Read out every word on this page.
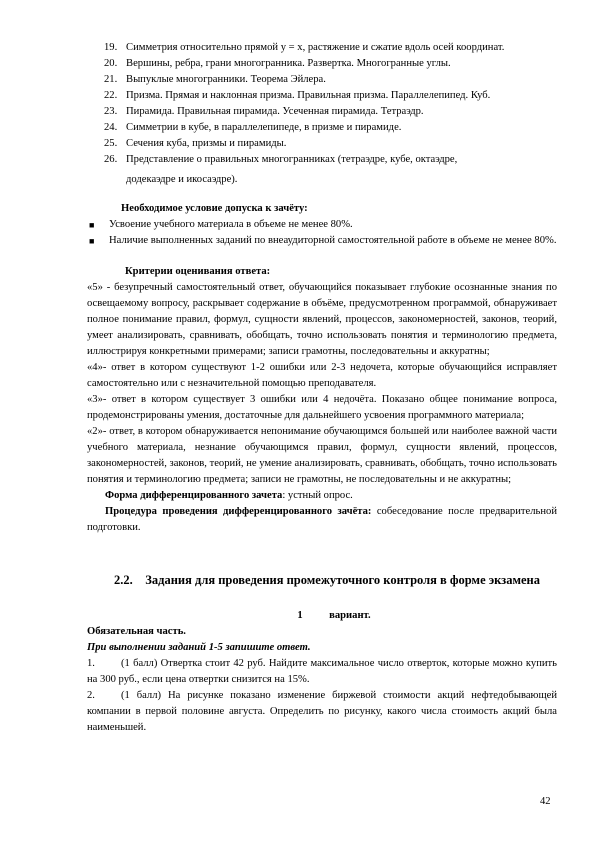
19. Симметрия относительно прямой y = x, растяжение и сжатие вдоль осей координат.
20. Вершины, ребра, грани многогранника. Развертка. Многогранные углы.
21. Выпуклые многогранники. Теорема Эйлера.
22. Призма. Прямая и наклонная призма. Правильная призма. Параллелепипед. Куб.
23. Пирамида. Правильная пирамида. Усеченная пирамида. Тетраэдр.
24. Симметрии в кубе, в параллелепипеде, в призме и пирамиде.
25. Сечения куба, призмы и пирамиды.
26. Представление о правильных многогранниках (тетраэдре, кубе, октаэдре,
додекаэдре и икосаэдре).
Необходимое условие допуска к зачёту:
■	Усвоение учебного материала в объеме не менее 80%.
■	Наличие выполненных заданий по внеаудиторной самостоятельной работе в объеме не менее 80%.
Критерии оценивания ответа:

«5» - безупречный самостоятельный ответ, обучающийся показывает глубокие осознанные знания по освещаемому вопросу, раскрывает содержание в объёме, предусмотренном программой, обнаруживает полное понимание правил, формул, сущности явлений, процессов, закономерностей, законов, теорий, умеет анализировать, сравнивать, обобщать, точно использовать понятия и терминологию предмета, иллюстрируя конкретными примерами; записи грамотны, последовательны и аккуратны;

«4»- ответ в котором существуют 1-2 ошибки или 2-3 недочета, которые обучающийся исправляет самостоятельно или с незначительной помощью преподавателя.

«3»- ответ в котором существует 3 ошибки или 4 недочёта. Показано общее понимание вопроса, продемонстрированы умения, достаточные для дальнейшего усвоения программного материала;

«2»- ответ, в котором обнаруживается непонимание обучающимся большей или наиболее важной части учебного материала, незнание обучающимся правил, формул, сущности явлений, процессов, закономерностей, законов, теорий, не умение анализировать, сравнивать, обобщать, точно использовать понятия и терминологию предмета; записи не грамотны, не последовательны и не аккуратны;

Форма дифференцированного зачета: устный опрос.

Процедура проведения дифференцированного зачёта: собеседование после предварительной подготовки.

2.2. Задания для проведения промежуточного контроля в форме экзамена
1 вариант.
Обязательная часть.
При выполнении заданий 1-5 запишите ответ.

1. (1 балл) Отвертка стоит 42 руб. Найдите максимальное число отверток, которые можно купить на 300 руб., если цена отвертки снизится на 15%.

2. (1 балл) На рисунке показано изменение биржевой стоимости акций нефтедобывающей компании в первой половине августа. Определить по рисунку, какого числа стоимость акций была наименьшей.

42
